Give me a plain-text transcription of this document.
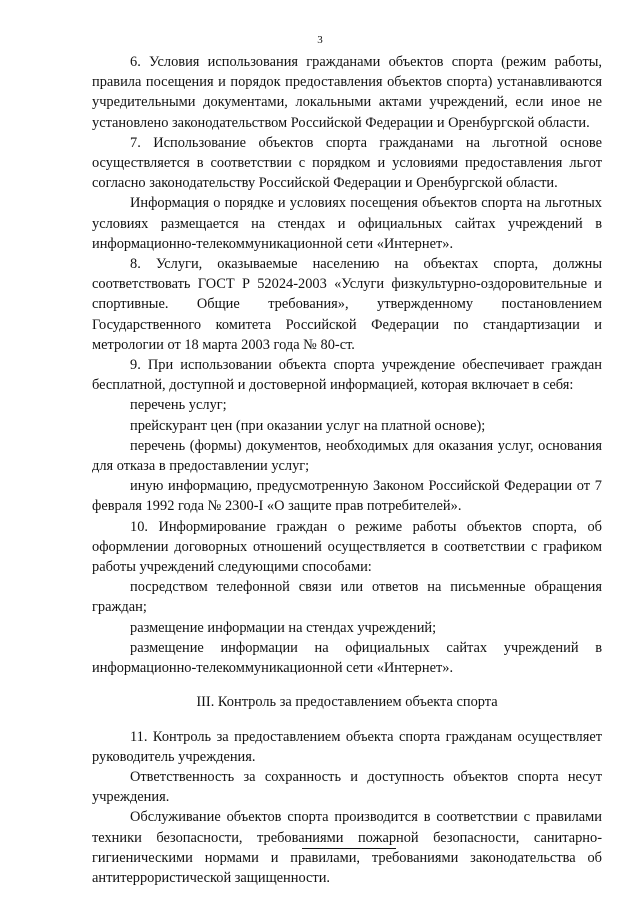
3

6. Условия использования гражданами объектов спорта (режим работы, правила посещения и порядок предоставления объектов спорта) устанавливаются учредительными документами, локальными актами учреждений, если иное не установлено законодательством Российской Федерации и Оренбургской области.

7. Использование объектов спорта гражданами на льготной основе осуществляется в соответствии с порядком и условиями предоставления льгот согласно законодательству Российской Федерации и Оренбургской области.

Информация о порядке и условиях посещения объектов спорта на льготных условиях размещается на стендах и официальных сайтах учреждений в информационно-телекоммуникационной сети «Интернет».

8. Услуги, оказываемые населению на объектах спорта, должны соответствовать ГОСТ Р 52024-2003 «Услуги физкультурно-оздоровительные и спортивные. Общие требования», утвержденному постановлением Государственного комитета Российской Федерации по стандартизации и метрологии от 18 марта 2003 года № 80-ст.

9. При использовании объекта спорта учреждение обеспечивает граждан бесплатной, доступной и достоверной информацией, которая включает в себя:

перечень услуг;

прейскурант цен (при оказании услуг на платной основе);

перечень (формы) документов, необходимых для оказания услуг, основания для отказа в предоставлении услуг;

иную информацию, предусмотренную Законом Российской Федерации от 7 февраля 1992 года № 2300-I «О защите прав потребителей».

10. Информирование граждан о режиме работы объектов спорта, об оформлении договорных отношений осуществляется в соответствии с графиком работы учреждений следующими способами:

посредством телефонной связи или ответов на письменные обращения граждан;

размещение информации на стендах учреждений;

размещение информации на официальных сайтах учреждений в информационно-телекоммуникационной сети «Интернет».

III. Контроль за предоставлением объекта спорта

11. Контроль за предоставлением объекта спорта гражданам осуществляет руководитель учреждения.

Ответственность за сохранность и доступность объектов спорта несут учреждения.

Обслуживание объектов спорта производится в соответствии с правилами техники безопасности, требованиями пожарной безопасности, санитарно-гигиеническими нормами и правилами, требованиями законодательства об антитеррористической защищенности.
